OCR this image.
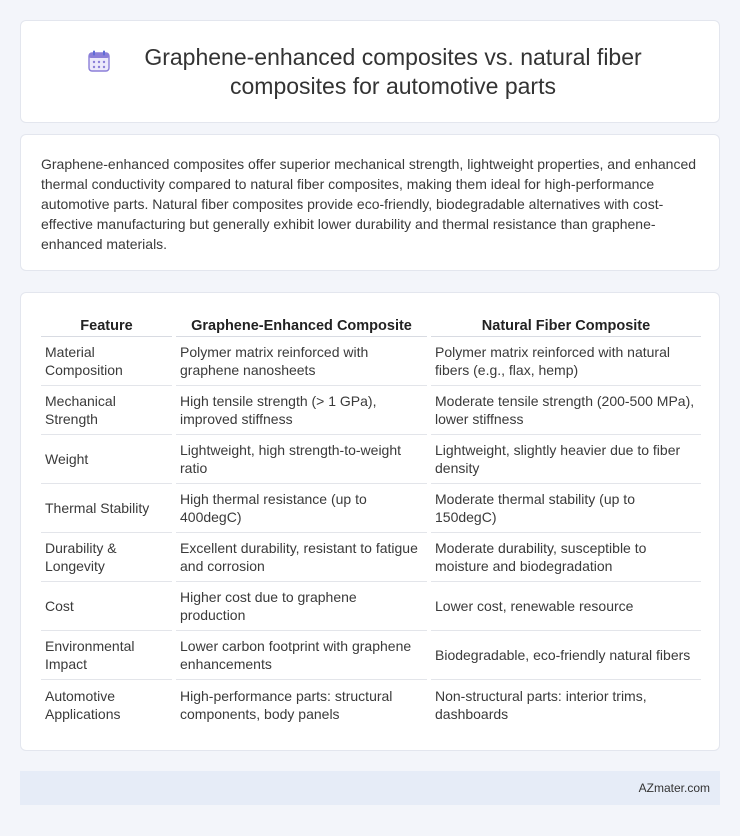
Graphene-enhanced composites vs. natural fiber composites for automotive parts

Graphene-enhanced composites offer superior mechanical strength, lightweight properties, and enhanced thermal conductivity compared to natural fiber composites, making them ideal for high-performance automotive parts. Natural fiber composites provide eco-friendly, biodegradable alternatives with cost-effective manufacturing but generally exhibit lower durability and thermal resistance than graphene-enhanced materials.

Feature	Graphene-Enhanced Composite	Natural Fiber Composite
Material Composition	Polymer matrix reinforced with graphene nanosheets	Polymer matrix reinforced with natural fibers (e.g., flax, hemp)
Mechanical Strength	High tensile strength (> 1 GPa), improved stiffness	Moderate tensile strength (200-500 MPa), lower stiffness
Weight	Lightweight, high strength-to-weight ratio	Lightweight, slightly heavier due to fiber density
Thermal Stability	High thermal resistance (up to 400degC)	Moderate thermal stability (up to 150degC)
Durability & Longevity	Excellent durability, resistant to fatigue and corrosion	Moderate durability, susceptible to moisture and biodegradation
Cost	Higher cost due to graphene production	Lower cost, renewable resource
Environmental Impact	Lower carbon footprint with graphene enhancements	Biodegradable, eco-friendly natural fibers
Automotive Applications	High-performance parts: structural components, body panels	Non-structural parts: interior trims, dashboards
AZmater.com
